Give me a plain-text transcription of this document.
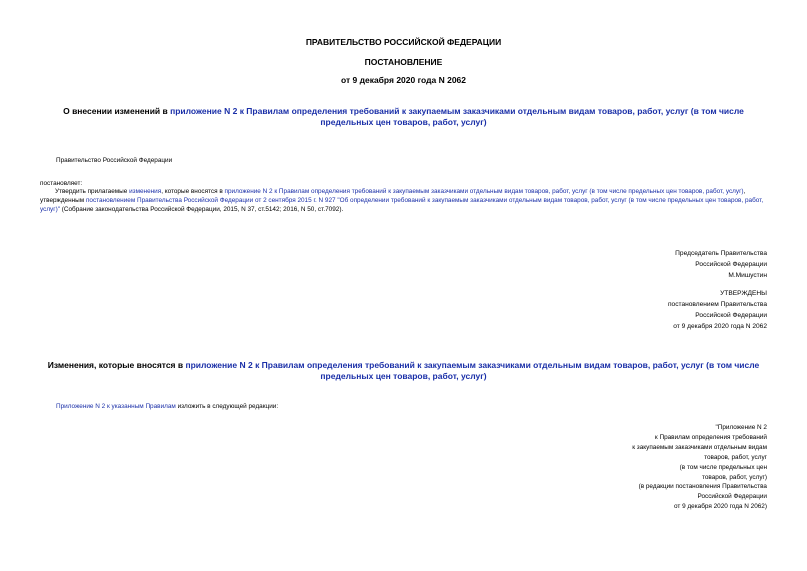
ПРАВИТЕЛЬСТВО РОССИЙСКОЙ ФЕДЕРАЦИИ
ПОСТАНОВЛЕНИЕ
от 9 декабря 2020 года N 2062
О внесении изменений в приложение N 2 к Правилам определения требований к закупаемым заказчиками отдельным видам товаров, работ, услуг (в том числе предельных цен товаров, работ, услуг)
Правительство Российской Федерации
постановляет:
Утвердить прилагаемые изменения, которые вносятся в приложение N 2 к Правилам определения требований к закупаемым заказчиками отдельным видам товаров, работ, услуг (в том числе предельных цен товаров, работ, услуг), утвержденным постановлением Правительства Российской Федерации от 2 сентября 2015 г. N 927 "Об определении требований к закупаемым заказчиками отдельным видам товаров, работ, услуг (в том числе предельных цен товаров, работ, услуг)" (Собрание законодательства Российской Федерации, 2015, N 37, ст.5142; 2016, N 50, ст.7092).
Председатель Правительства
Российской Федерации
М.Мишустин
УТВЕРЖДЕНЫ
постановлением Правительства
Российской Федерации
от 9 декабря 2020 года N 2062
Изменения, которые вносятся в приложение N 2 к Правилам определения требований к закупаемым заказчиками отдельным видам товаров, работ, услуг (в том числе предельных цен товаров, работ, услуг)
Приложение N 2 к указанным Правилам изложить в следующей редакции:
"Приложение N 2
к Правилам определения требований
к закупаемым заказчиками отдельным видам
товаров, работ, услуг
(в том числе предельных цен
товаров, работ, услуг)
(в редакции постановления Правительства
Российской Федерации
от 9 декабря 2020 года N 2062)
